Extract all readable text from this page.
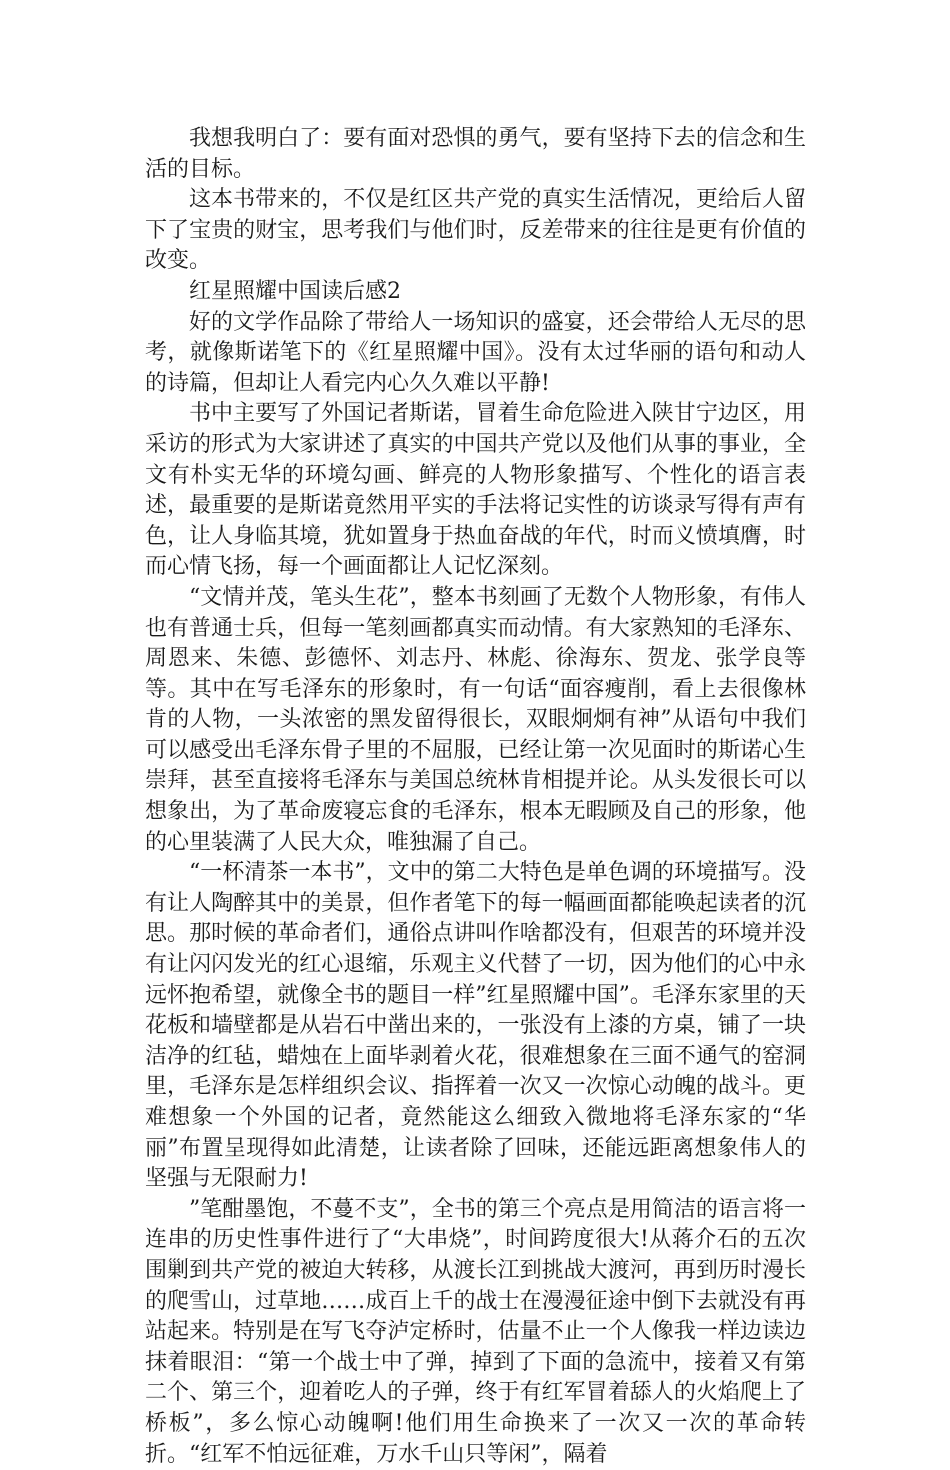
我想我明白了：要有面对恐惧的勇气，要有坚持下去的信念和生活的目标。

这本书带来的，不仅是红区共产党的真实生活情况，更给后人留下了宝贵的财宝，思考我们与他们时，反差带来的往往是更有价值的改变。

红星照耀中国读后感2

好的文学作品除了带给人一场知识的盛宴，还会带给人无尽的思考，就像斯诺笔下的《红星照耀中国》。没有太过华丽的语句和动人的诗篇，但却让人看完内心久久难以平静!

书中主要写了外国记者斯诺，冒着生命危险进入陕甘宁边区，用采访的形式为大家讲述了真实的中国共产党以及他们从事的事业，全文有朴实无华的环境勾画、鲜亮的人物形象描写、个性化的语言表述，最重要的是斯诺竟然用平实的手法将记实性的访谈录写得有声有色，让人身临其境，犹如置身于热血奋战的年代，时而义愤填膺，时而心情飞扬，每一个画面都让人记忆深刻。

“文情并茂，笔头生花”，整本书刻画了无数个人物形象，有伟人也有普通士兵，但每一笔刻画都真实而动情。有大家熟知的毛泽东、周恩来、朱德、彭德怀、刘志丹、林彪、徐海东、贺龙、张学良等等。其中在写毛泽东的形象时，有一句话“面容瘦削，看上去很像林肯的人物，一头浓密的黑发留得很长，双眼炯炯有神”从语句中我们可以感受出毛泽东骨子里的不屈服，已经让第一次见面时的斯诺心生崇拜，甚至直接将毛泽东与美国总统林肯相提并论。从头发很长可以想象出，为了革命废寝忘食的毛泽东，根本无暇顾及自己的形象，他的心里装满了人民大众，唯独漏了自己。

“一杯清茶一本书”，文中的第二大特色是单色调的环境描写。没有让人陶醉其中的美景，但作者笔下的每一幅画面都能唤起读者的沉思。那时候的革命者们，通俗点讲叫作啥都没有，但艰苦的环境并没有让闪闪发光的红心退缩，乐观主义代替了一切，因为他们的心中永远怀抱希望，就像全书的题目一样”红星照耀中国”。毛泽东家里的天花板和墙壁都是从岩石中凿出来的，一张没有上漆的方桌，铺了一块洁净的红毡，蜡烛在上面毕剥着火花，很难想象在三面不通气的窑洞里，毛泽东是怎样组织会议、指挥着一次又一次惊心动魄的战斗。更难想象一个外国的记者，竟然能这么细致入微地将毛泽东家的“华丽”布置呈现得如此清楚，让读者除了回味，还能远距离想象伟人的坚强与无限耐力!

”笔酣墨饱，不蔓不支”，全书的第三个亮点是用简洁的语言将一连串的历史性事件进行了“大串烧”，时间跨度很大!从蒋介石的五次围剿到共产党的被迫大转移，从渡长江到挑战大渡河，再到历时漫长的爬雪山，过草地……成百上千的战士在漫漫征途中倒下去就没有再站起来。特别是在写飞夺泸定桥时，估量不止一个人像我一样边读边抹着眼泪：“第一个战士中了弹，掉到了下面的急流中，接着又有第二个、第三个，迎着吃人的子弹，终于有红军冒着舔人的火焰爬上了桥板”，多么惊心动魄啊!他们用生命换来了一次又一次的革命转折。“红军不怕远征难，万水千山只等闲”，隔着
